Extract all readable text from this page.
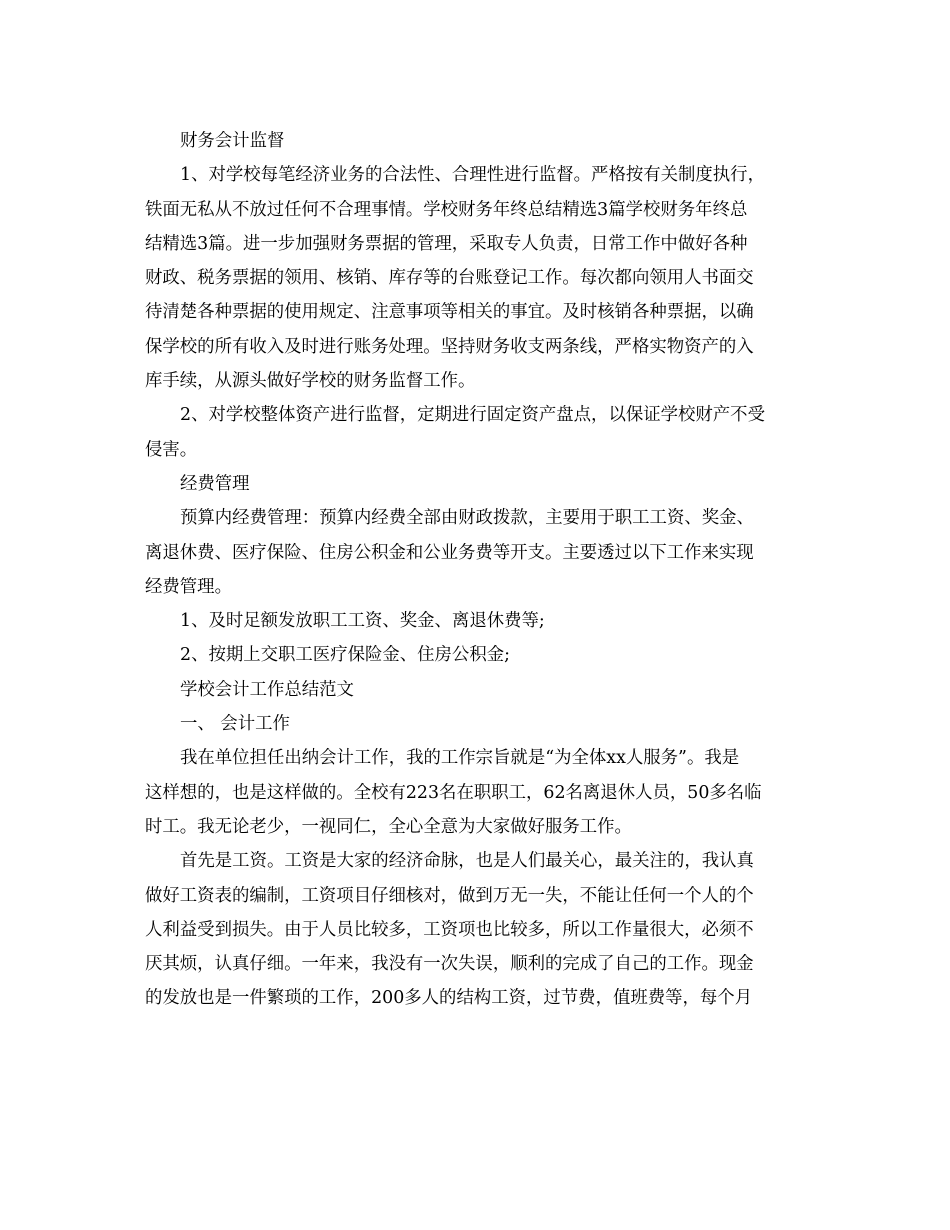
财务会计监督
1、对学校每笔经济业务的合法性、合理性进行监督。严格按有关制度执行，
铁面无私从不放过任何不合理事情。学校财务年终总结精选3篇学校财务年终总
结精选3篇。进一步加强财务票据的管理，采取专人负责，日常工作中做好各种
财政、税务票据的领用、核销、库存等的台账登记工作。每次都向领用人书面交
待清楚各种票据的使用规定、注意事项等相关的事宜。及时核销各种票据，以确
保学校的所有收入及时进行账务处理。坚持财务收支两条线，严格实物资产的入
库手续，从源头做好学校的财务监督工作。
2、对学校整体资产进行监督，定期进行固定资产盘点，以保证学校财产不受
侵害。
经费管理
预算内经费管理：预算内经费全部由财政拨款，主要用于职工工资、奖金、
离退休费、医疗保险、住房公积金和公业务费等开支。主要透过以下工作来实现
经费管理。
1、及时足额发放职工工资、奖金、离退休费等;
2、按期上交职工医疗保险金、住房公积金;
学校会计工作总结范文
一、 会计工作
我在单位担任出纳会计工作，我的工作宗旨就是“为全体xx人服务”。我是
这样想的，也是这样做的。全校有223名在职职工，62名离退休人员，50多名临
时工。我无论老少，一视同仁，全心全意为大家做好服务工作。
首先是工资。工资是大家的经济命脉，也是人们最关心，最关注的，我认真
做好工资表的编制，工资项目仔细核对，做到万无一失，不能让任何一个人的个
人利益受到损失。由于人员比较多，工资项也比较多，所以工作量很大，必须不
厌其烦，认真仔细。一年来，我没有一次失误，顺利的完成了自己的工作。现金
的发放也是一件繁琐的工作，200多人的结构工资，过节费，值班费等，每个月
